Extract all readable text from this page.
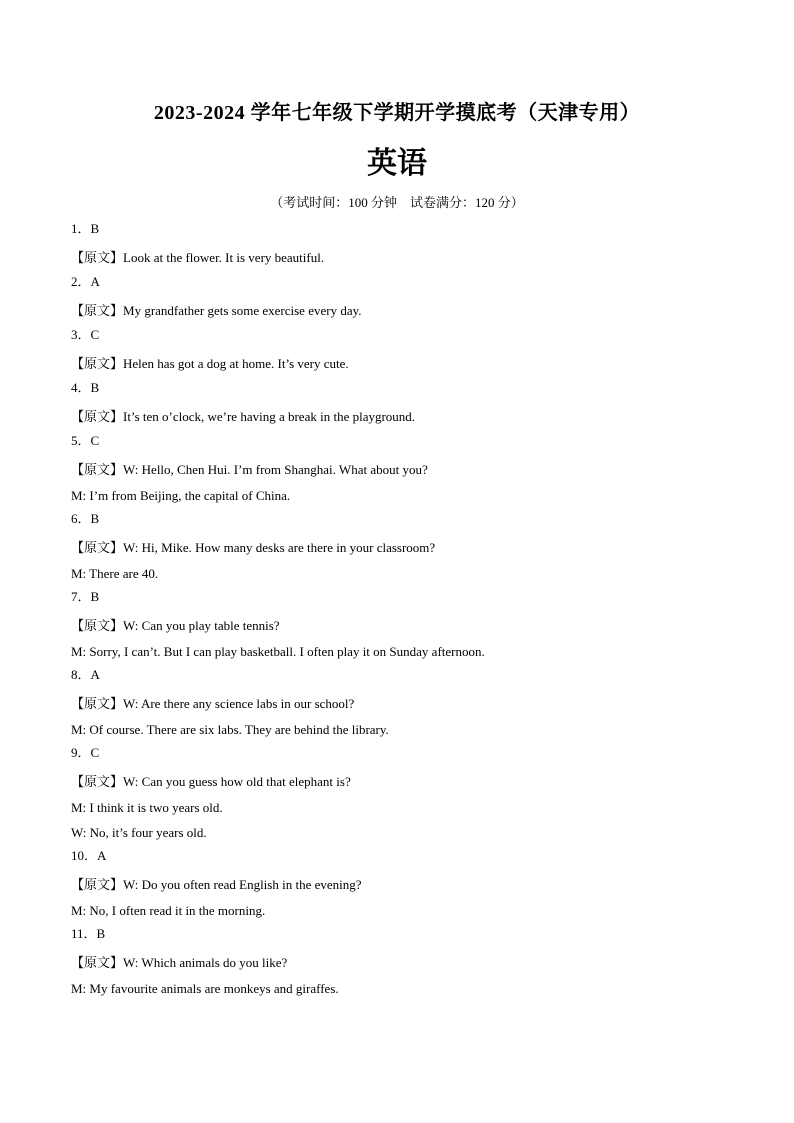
2023-2024 学年七年级下学期开学摸底考（天津专用）
英语
（考试时间：100 分钟　试卷满分：120 分）
1．B
【原文】Look at the flower. It is very beautiful.
2．A
【原文】My grandfather gets some exercise every day.
3．C
【原文】Helen has got a dog at home. It’s very cute.
4．B
【原文】It’s ten o’clock, we’re having a break in the playground.
5．C
【原文】W: Hello, Chen Hui. I’m from Shanghai. What about you?
M: I’m from Beijing, the capital of China.
6．B
【原文】W: Hi, Mike. How many desks are there in your classroom?
M: There are 40.
7．B
【原文】W: Can you play table tennis?
M: Sorry, I can’t. But I can play basketball. I often play it on Sunday afternoon.
8．A
【原文】W: Are there any science labs in our school?
M: Of course. There are six labs. They are behind the library.
9．C
【原文】W: Can you guess how old that elephant is?
M: I think it is two years old.
W: No, it’s four years old.
10．A
【原文】W: Do you often read English in the evening?
M: No, I often read it in the morning.
11．B
【原文】W: Which animals do you like?
M: My favourite animals are monkeys and giraffes.
